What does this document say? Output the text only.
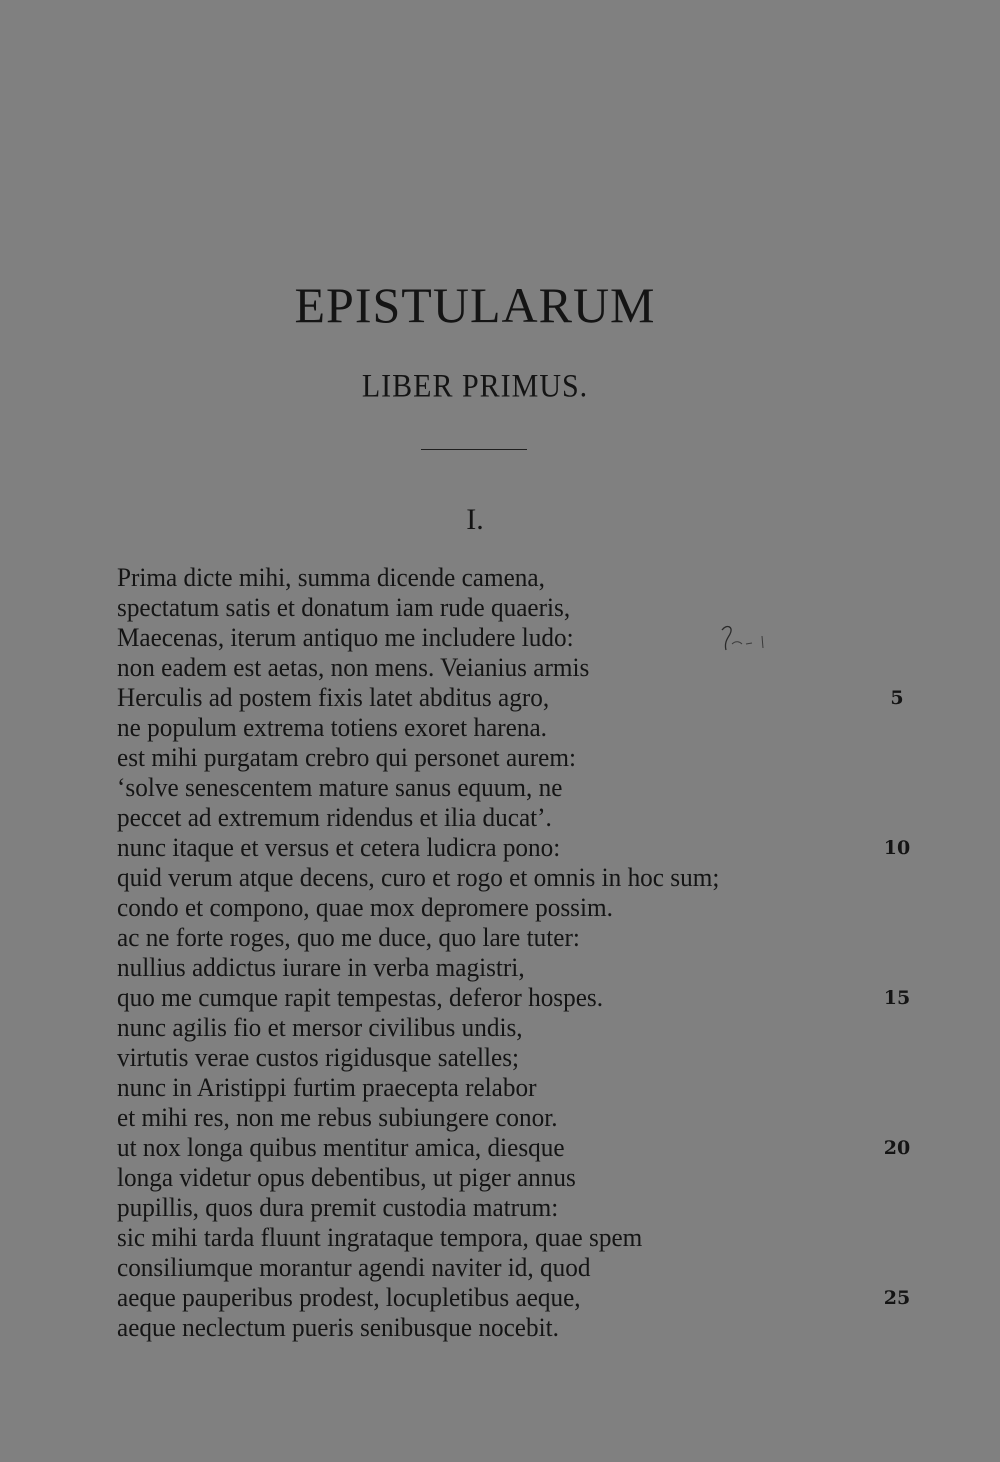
EPISTULARUM
LIBER PRIMUS.
I.
Prima dicte mihi, summa dicende camena,
spectatum satis et donatum iam rude quaeris,
Maecenas, iterum antiquo me includere ludo:
non eadem est aetas, non mens. Veianius armis
Herculis ad postem fixis latet abditus agro,	5
ne populum extrema totiens exoret harena.
est mihi purgatam crebro qui personet aurem:
‘solve senescentem mature sanus equum, ne
peccet ad extremum ridendus et ilia ducat’.
nunc itaque et versus et cetera ludicra pono:	10
quid verum atque decens, curo et rogo et omnis in hoc sum;
condo et compono, quae mox depromere possim.
ac ne forte roges, quo me duce, quo lare tuter:
nullius addictus iurare in verba magistri,
quo me cumque rapit tempestas, deferor hospes.	15
nunc agilis fio et mersor civilibus undis,
virtutis verae custos rigidusque satelles;
nunc in Aristippi furtim praecepta relabor
et mihi res, non me rebus subiungere conor.
ut nox longa quibus mentitur amica, diesque	20
longa videtur opus debentibus, ut piger annus
pupillis, quos dura premit custodia matrum:
sic mihi tarda fluunt ingrataque tempora, quae spem
consiliumque morantur agendi naviter id, quod
aeque pauperibus prodest, locupletibus aeque,	25
aeque neclectum pueris senibusque nocebit.
